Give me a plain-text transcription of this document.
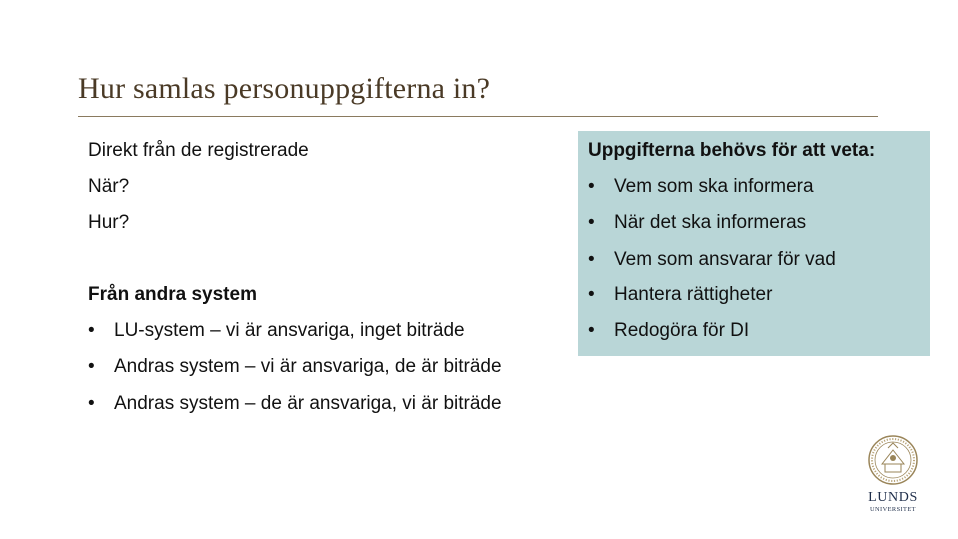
Hur samlas personuppgifterna in?
Direkt från de registrerade
När?
Hur?
Från andra system
• LU-system – vi är ansvariga, inget biträde
• Andras system – vi är ansvariga, de är biträde
• Andras system – de är ansvariga, vi är biträde
Uppgifterna behövs för att veta:
• Vem som ska informera
• När det ska informeras
• Vem som ansvarar för vad
• Hantera rättigheter
• Redogöra för DI
LUNDS
UNIVERSITET
